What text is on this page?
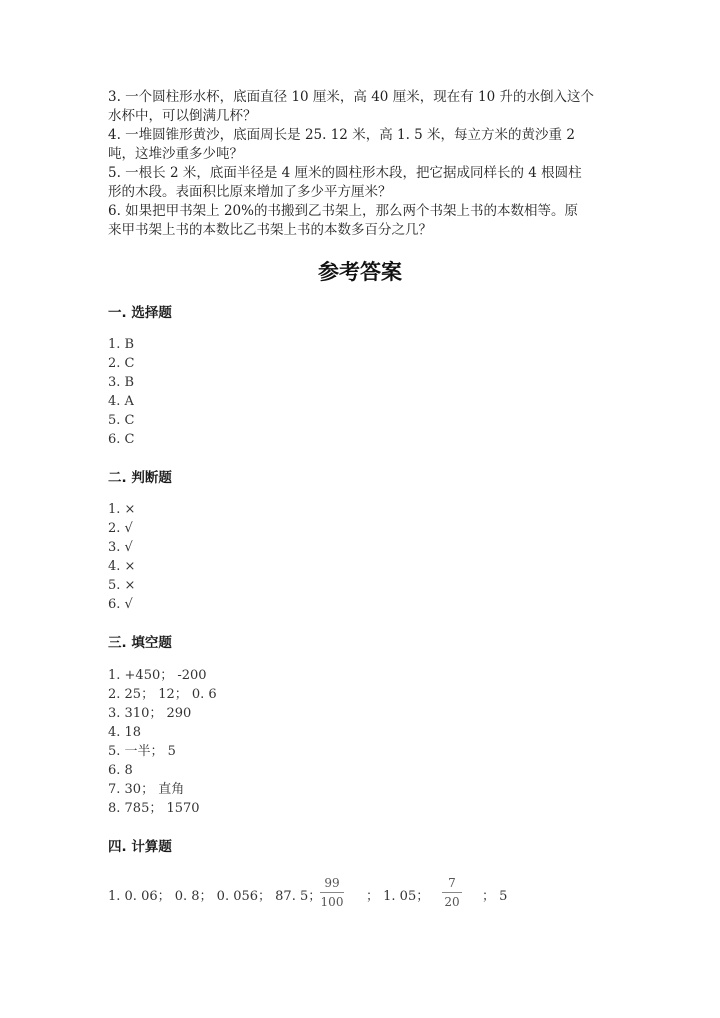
3. 一个圆柱形水杯，底面直径 10 厘米，高 40 厘米，现在有 10 升的水倒入这个
水杯中，可以倒满几杯？
4. 一堆圆锥形黄沙，底面周长是 25. 12 米，高 1. 5 米，每立方米的黄沙重 2
吨，这堆沙重多少吨？
5. 一根长 2 米，底面半径是 4 厘米的圆柱形木段，把它据成同样长的 4 根圆柱
形的木段。表面积比原来增加了多少平方厘米？
6. 如果把甲书架上 20%的书搬到乙书架上，那么两个书架上书的本数相等。原
来甲书架上书的本数比乙书架上书的本数多百分之几？
参考答案
一. 选择题
1. B
2. C
3. B
4. A
5. C
6. C
二. 判断题
1. ×
2. √
3. √
4. ×
5. ×
6. √
三. 填空题
1. +450； -200
2. 25； 12； 0. 6
3. 310； 290
4. 18
5. 一半； 5
6. 8
7. 30； 直角
8. 785； 1570
四. 计算题
1. 0. 06； 0. 8； 0. 056； 87. 5；
99
100 ； 1. 05；
7
20 ； 5
